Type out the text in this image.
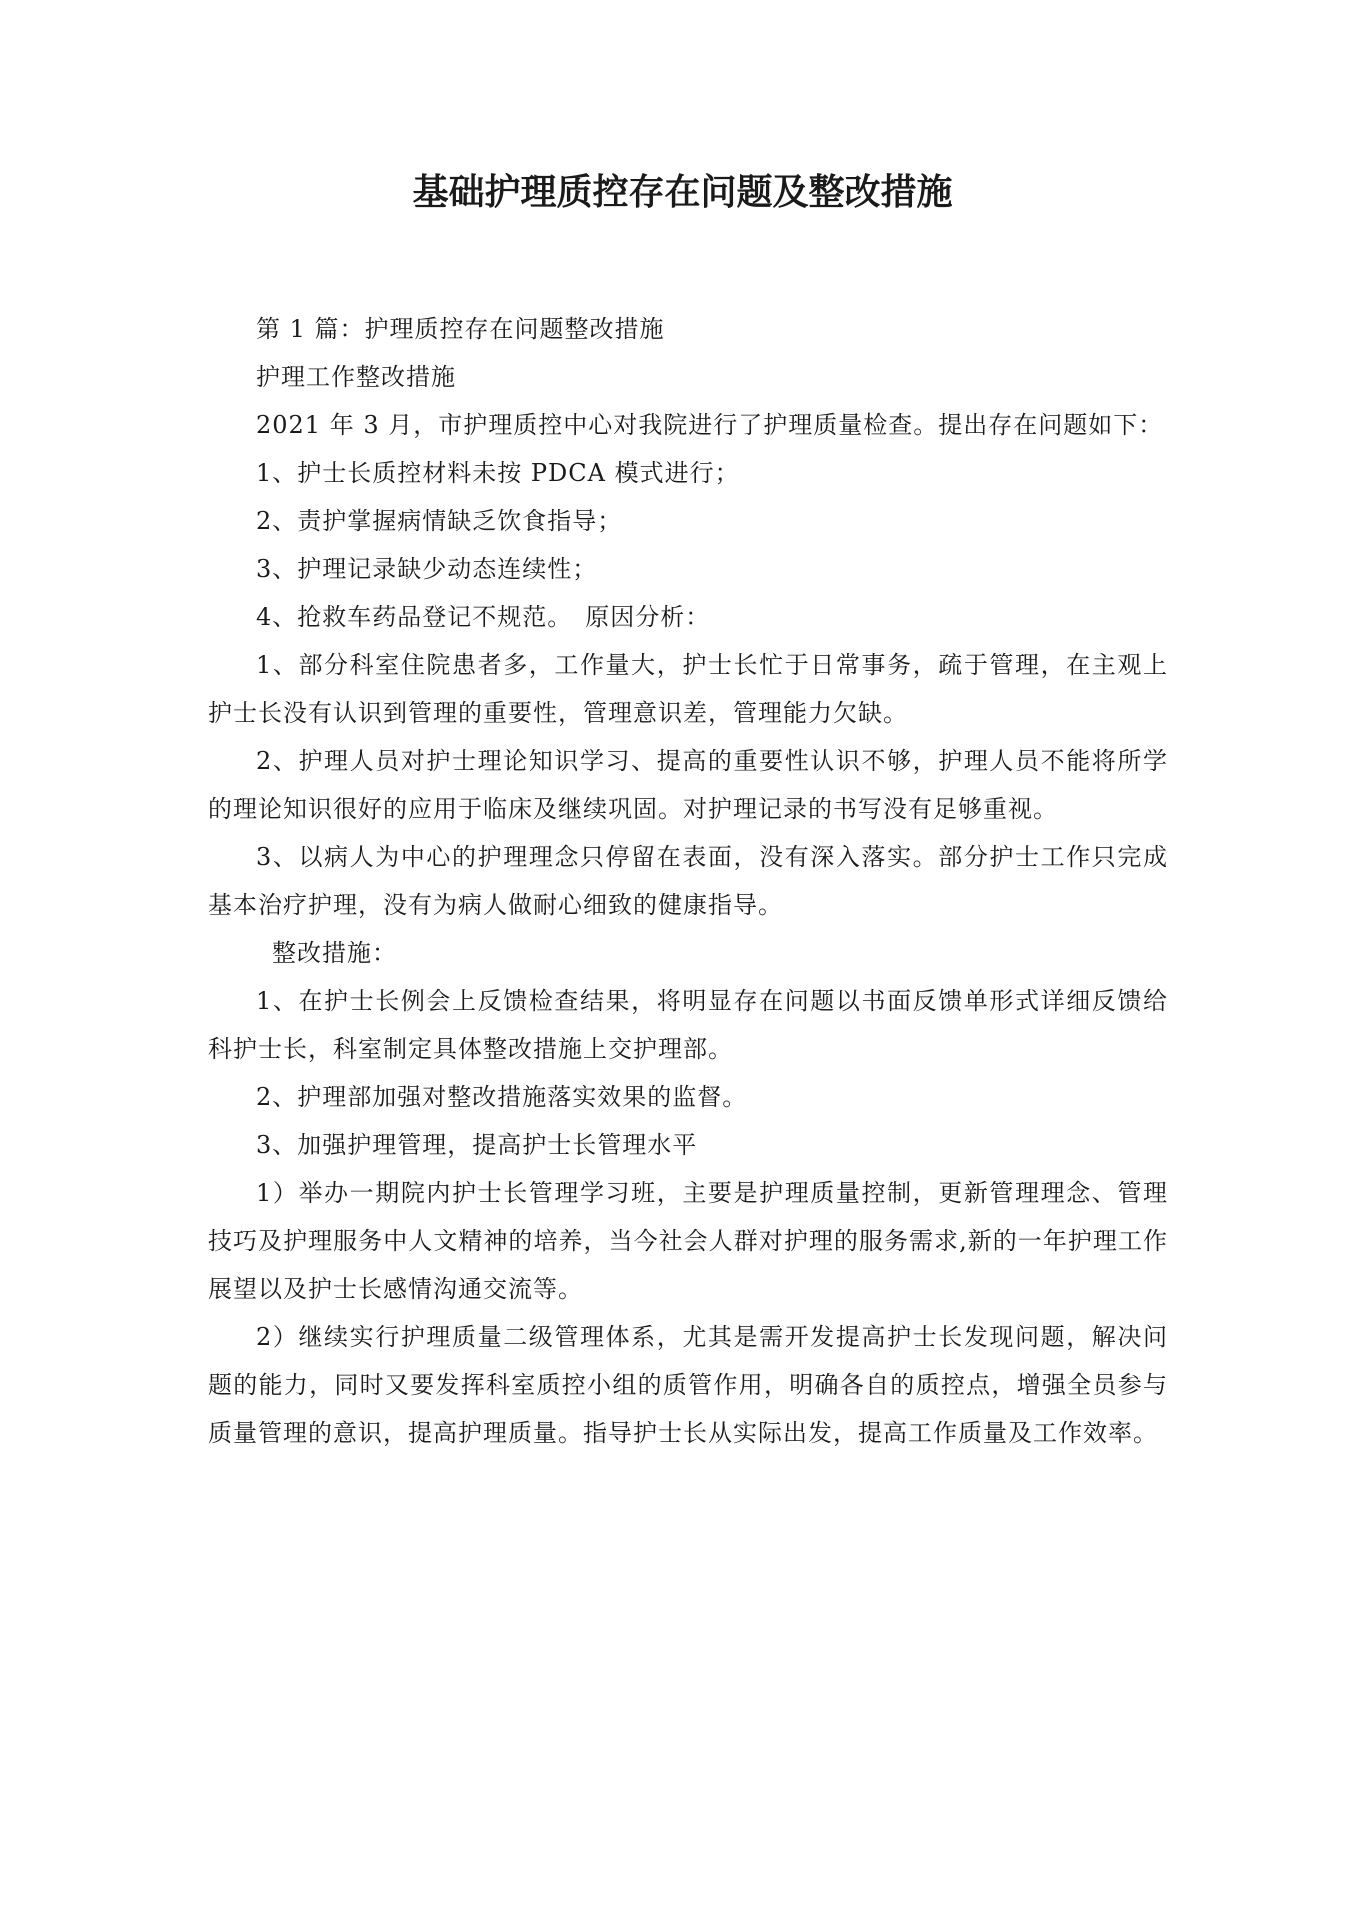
基础护理质控存在问题及整改措施

第 1 篇：护理质控存在问题整改措施

护理工作整改措施

2021 年 3 月，市护理质控中心对我院进行了护理质量检查。提出存在问题如下：

1、护士长质控材料未按 PDCA 模式进行；

2、责护掌握病情缺乏饮食指导；

3、护理记录缺少动态连续性；

4、抢救车药品登记不规范。　原因分析：

1、部分科室住院患者多，工作量大，护士长忙于日常事务，疏于管理，在主观上护士长没有认识到管理的重要性，管理意识差，管理能力欠缺。

2、护理人员对护士理论知识学习、提高的重要性认识不够，护理人员不能将所学的理论知识很好的应用于临床及继续巩固。对护理记录的书写没有足够重视。

3、以病人为中心的护理理念只停留在表面，没有深入落实。部分护士工作只完成基本治疗护理，没有为病人做耐心细致的健康指导。

整改措施：

1、在护士长例会上反馈检查结果，将明显存在问题以书面反馈单形式详细反馈给科护士长，科室制定具体整改措施上交护理部。

2、护理部加强对整改措施落实效果的监督。

3、加强护理管理，提高护士长管理水平

1）举办一期院内护士长管理学习班，主要是护理质量控制，更新管理理念、管理技巧及护理服务中人文精神的培养，当今社会人群对护理的服务需求,新的一年护理工作展望以及护士长感情沟通交流等。

2）继续实行护理质量二级管理体系，尤其是需开发提高护士长发现问题，解决问题的能力，同时又要发挥科室质控小组的质管作用，明确各自的质控点，增强全员参与质量管理的意识，提高护理质量。指导护士长从实际出发，提高工作质量及工作效率。
